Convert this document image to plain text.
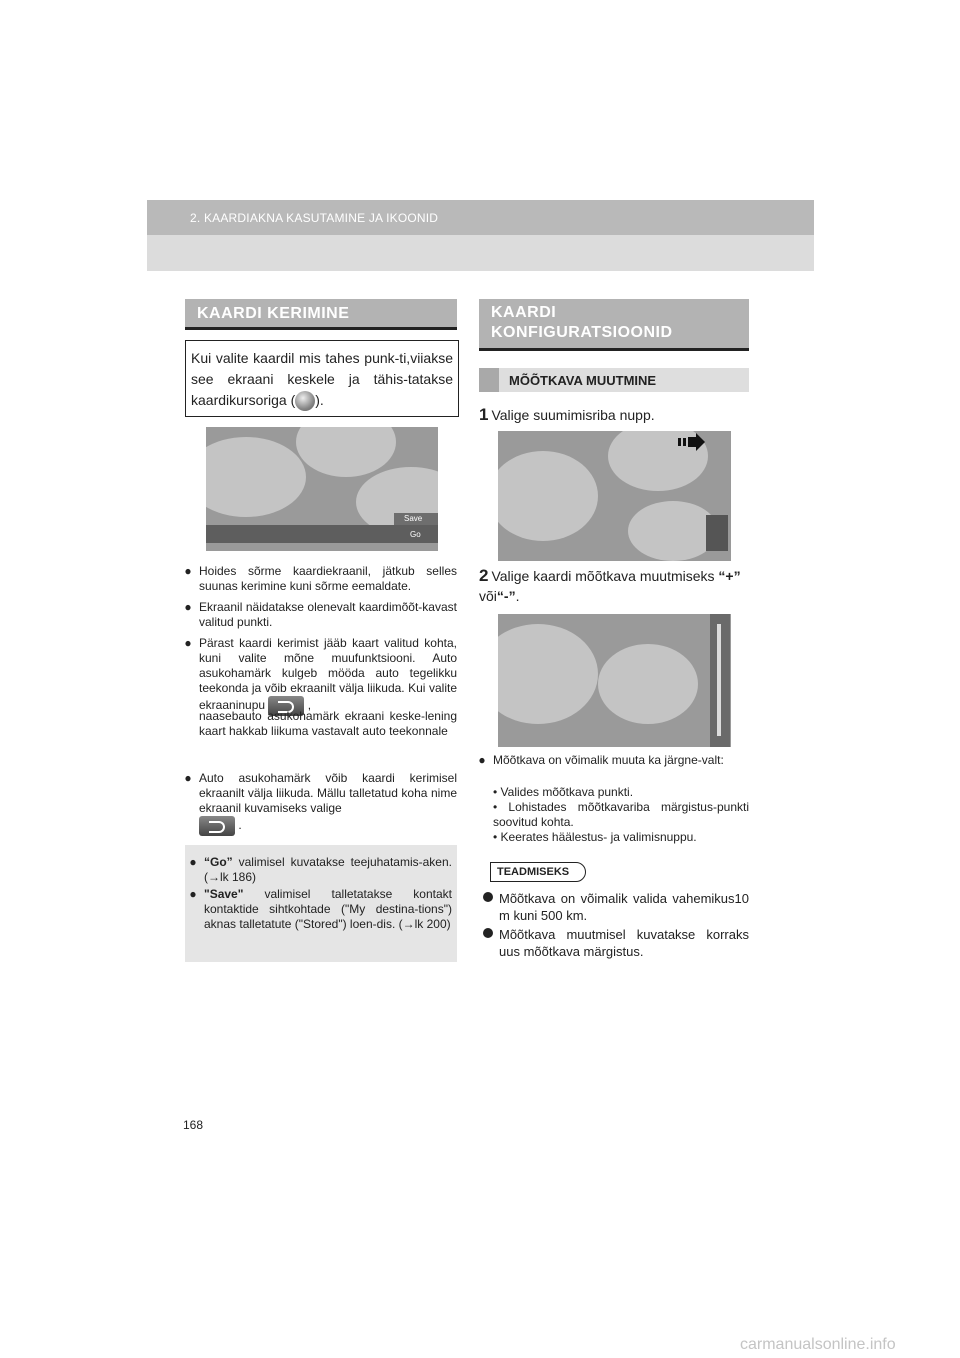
2. KAARDIAKNA KASUTAMINE JA IKOONID
KAARDI KERIMINE

Kui valite kaardil mis tahes punk-ti,viiakse see ekraani keskele ja tähis-tatakse kaardikursoriga ( ).

Save
Go
⦁ Hoides sõrme kaardiekraanil, jätkub selles suunas kerimine kuni sõrme eemaldate.
⦁ Ekraanil näidatakse olenevalt kaardimõõt-kavast valitud punkti.
⦁ Pärast kaardi kerimist jääb kaart valitud kohta, kuni valite mõne muufunktsiooni. Auto asukohamärk kulgeb mööda auto tegelikku teekonda ja võib ekraanilt välja liikuda. Kui valite ekraaninupu	,
naasebauto asukohamärk ekraani keske-lening kaart hakkab liikuma vastavalt auto teekonnale
⦁ Auto asukohamärk võib kaardi kerimisel ekraanilt välja liikuda. Mällu talletatud koha nime ekraanil kuvamiseks valige
.
⦁ “Go” valimisel kuvatakse teejuhatamis-aken. (→lk 186)
⦁ "Save" valimisel talletatakse kontakt kontaktide sihtkohtade ("My destina-tions") aknas talletatute ("Stored") loen-dis. (→lk 200)
KAARDI KONFIGURATSIOONID
MÕÕTKAVA MUUTMINE
1 Valige suumimisriba nupp.
2 Valige kaardi mõõtkava muutmiseks “+” või“-”.
⦁ Mõõtkava on võimalik muuta ka järgne-valt:
• Valides mõõtkava punkti.
• Lohistades mõõtkavariba märgistus-punkti soovitud kohta.
• Keerates häälestus- ja valimisnuppu.
TEADMISEKS
Mõõtkava on võimalik valida vahemikus10 m kuni 500 km.
Mõõtkava muutmisel kuvatakse korraks uus mõõtkava märgistus.
168
carmanualsonline.info
